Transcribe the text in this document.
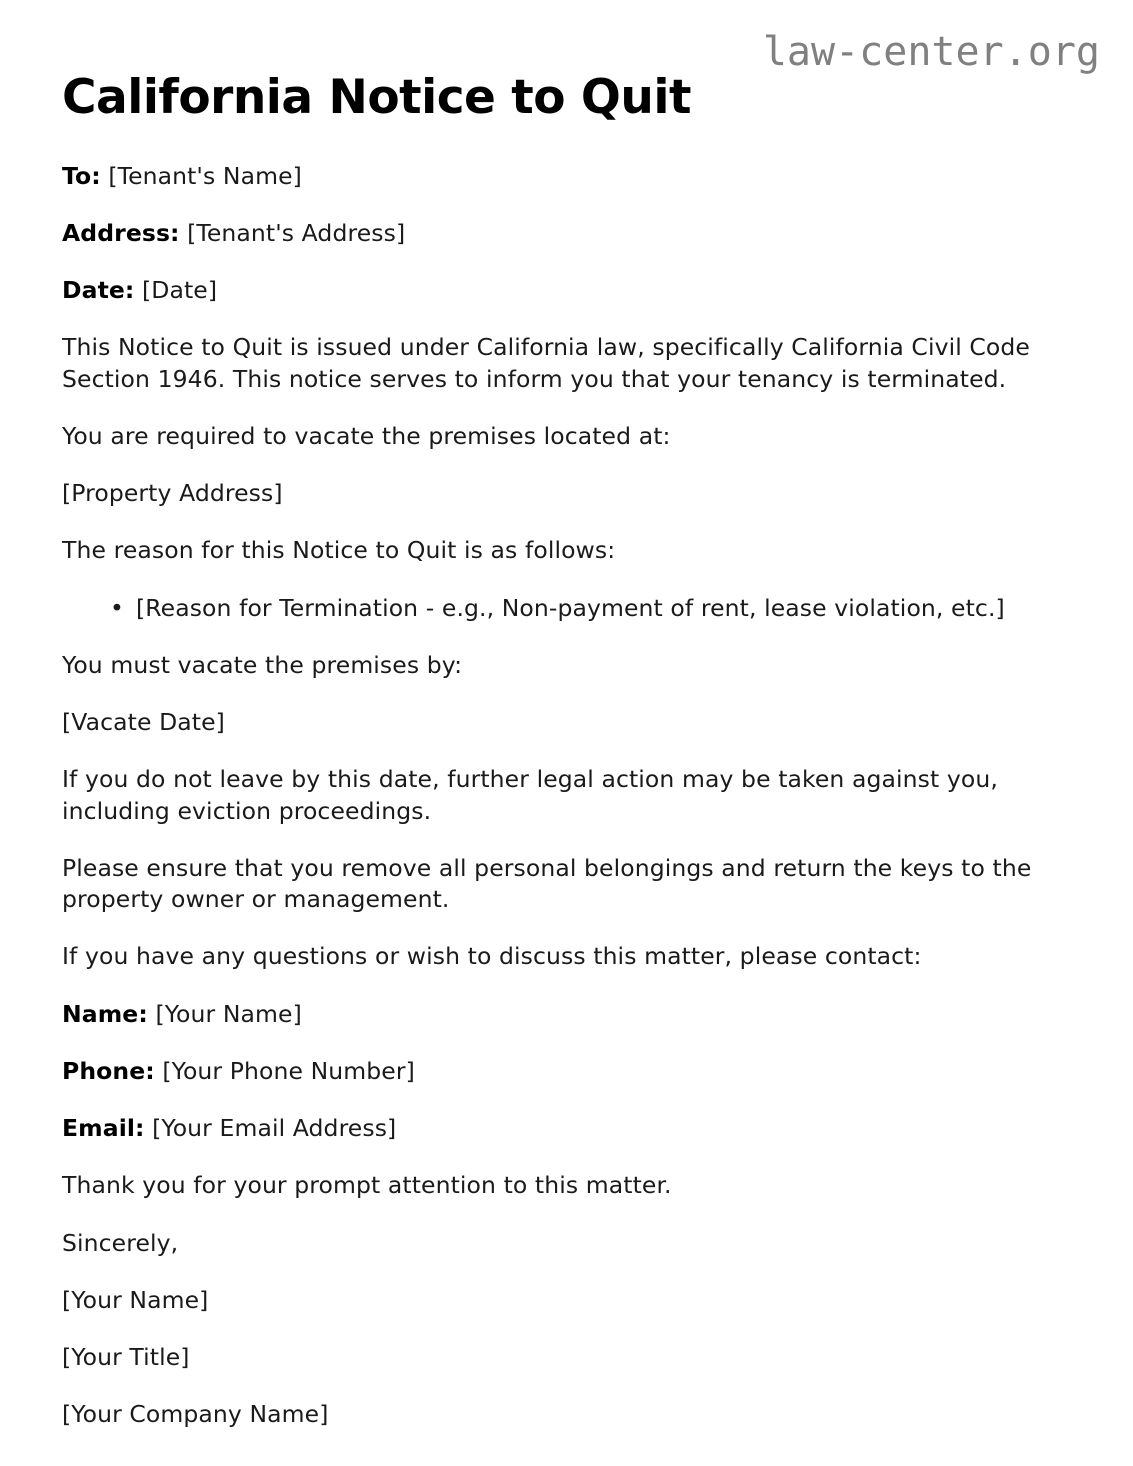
law-center.org
California Notice to Quit

To: [Tenant's Name]

Address: [Tenant's Address]

Date: [Date]

This Notice to Quit is issued under California law, specifically California Civil Code Section 1946. This notice serves to inform you that your tenancy is terminated.

You are required to vacate the premises located at:

[Property Address]

The reason for this Notice to Quit is as follows:

• [Reason for Termination - e.g., Non-payment of rent, lease violation, etc.]

You must vacate the premises by:

[Vacate Date]

If you do not leave by this date, further legal action may be taken against you, including eviction proceedings.

Please ensure that you remove all personal belongings and return the keys to the property owner or management.

If you have any questions or wish to discuss this matter, please contact:

Name: [Your Name]

Phone: [Your Phone Number]

Email: [Your Email Address]

Thank you for your prompt attention to this matter.

Sincerely,

[Your Name]

[Your Title]

[Your Company Name]
